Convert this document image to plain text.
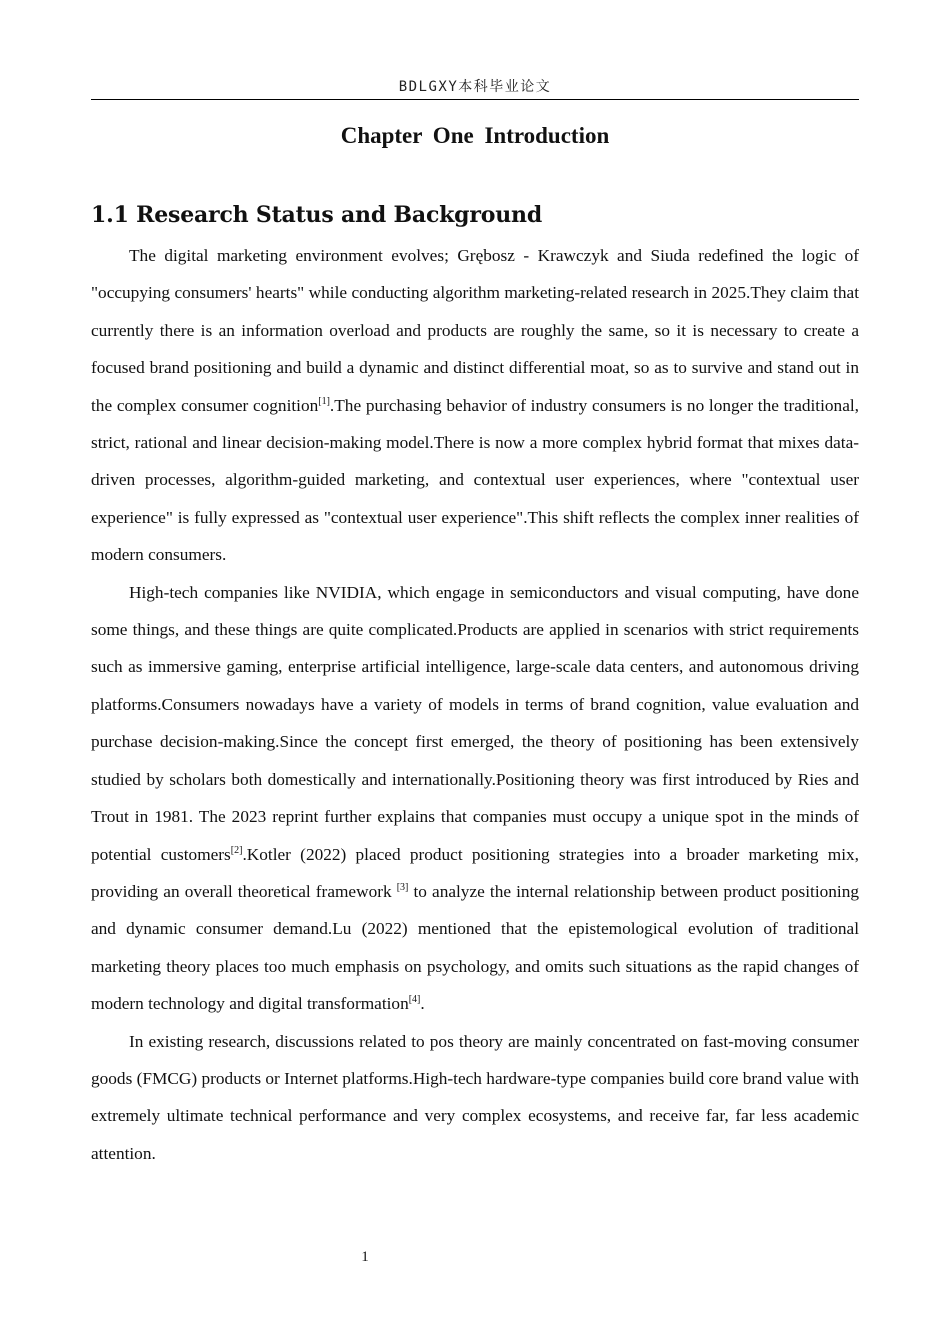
BDLGXY本科毕业论文
Chapter One Introduction
1.1 Research Status and Background

The digital marketing environment evolves; Grębosz - Krawczyk and Siuda redefined the logic of "occupying consumers' hearts" while conducting algorithm marketing-related research in 2025.They claim that currently there is an information overload and products are roughly the same, so it is necessary to create a focused brand positioning and build a dynamic and distinct differential moat, so as to survive and stand out in the complex consumer cognition[1].The purchasing behavior of industry consumers is no longer the traditional, strict, rational and linear decision-making model.There is now a more complex hybrid format that mixes data-driven processes, algorithm-guided marketing, and contextual user experiences, where "contextual user experience" is fully expressed as "contextual user experience".This shift reflects the complex inner realities of modern consumers.

High-tech companies like NVIDIA, which engage in semiconductors and visual computing, have done some things, and these things are quite complicated.Products are applied in scenarios with strict requirements such as immersive gaming, enterprise artificial intelligence, large-scale data centers, and autonomous driving platforms.Consumers nowadays have a variety of models in terms of brand cognition, value evaluation and purchase decision-making.Since the concept first emerged, the theory of positioning has been extensively studied by scholars both domestically and internationally.Positioning theory was first introduced by Ries and Trout in 1981. The 2023 reprint further explains that companies must occupy a unique spot in the minds of potential customers[2].Kotler (2022) placed product positioning strategies into a broader marketing mix, providing an overall theoretical framework [3] to analyze the internal relationship between product positioning and dynamic consumer demand.Lu (2022) mentioned that the epistemological evolution of traditional marketing theory places too much emphasis on psychology, and omits such situations as the rapid changes of modern technology and digital transformation[4].

In existing research, discussions related to pos theory are mainly concentrated on fast-moving consumer goods (FMCG) products or Internet platforms.High-tech hardware-type companies build core brand value with extremely ultimate technical performance and very complex ecosystems, and receive far, far less academic attention.

1
